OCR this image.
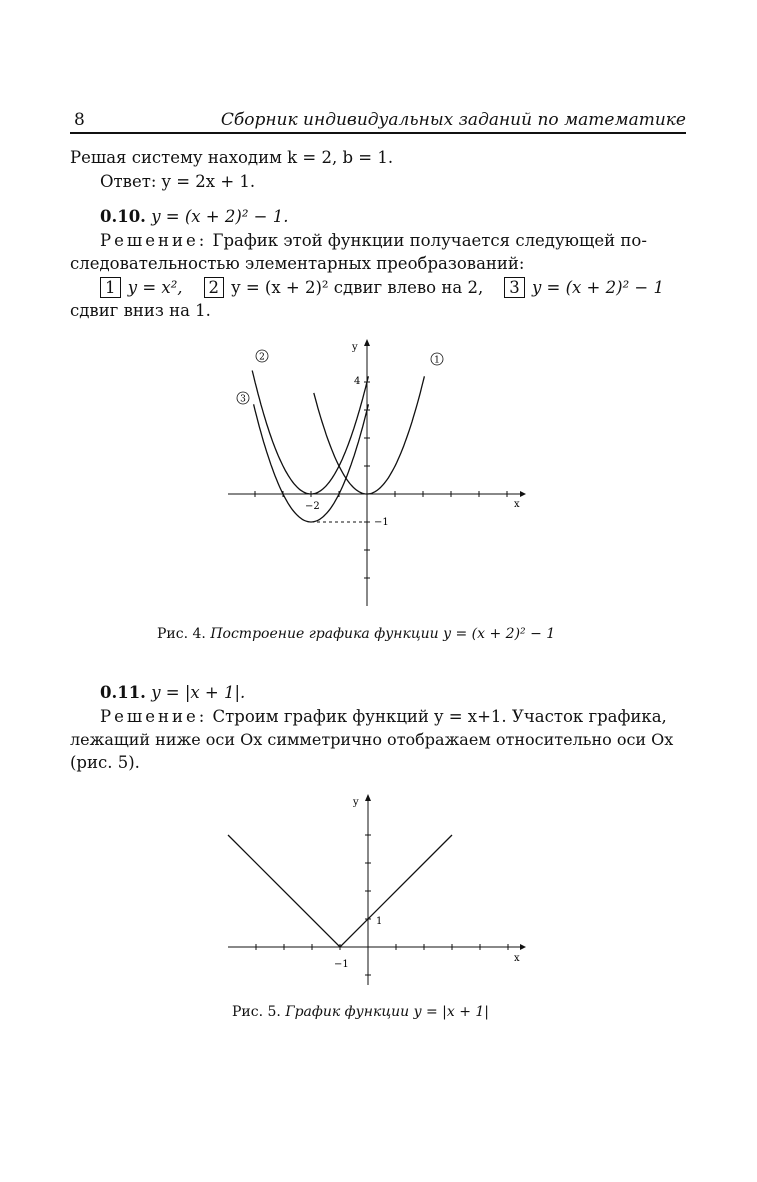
8	Сборник индивидуальных заданий по математике
Решая систему находим k = 2, b = 1.
Ответ: y = 2x + 1.
0.10. y = (x + 2)² − 1.
Решение: График этой функции получается следующей по-
следовательностью элементарных преобразований:
1 y = x², 2 y = (x + 2)² сдвиг влево на 2, 3 y = (x + 2)² − 1
сдвиг вниз на 1.
x
y
−2
4
−1
1
2
3
Рис. 4. Построение графика функции y = (x + 2)² − 1
0.11. y = |x + 1|.
Решение: Строим график функций y = x+1. Участок графика,
лежащий ниже оси Ox симметрично отображаем относительно оси Ox
(рис. 5).
x
y
−1
1
Рис. 5. График функции y = |x + 1|
